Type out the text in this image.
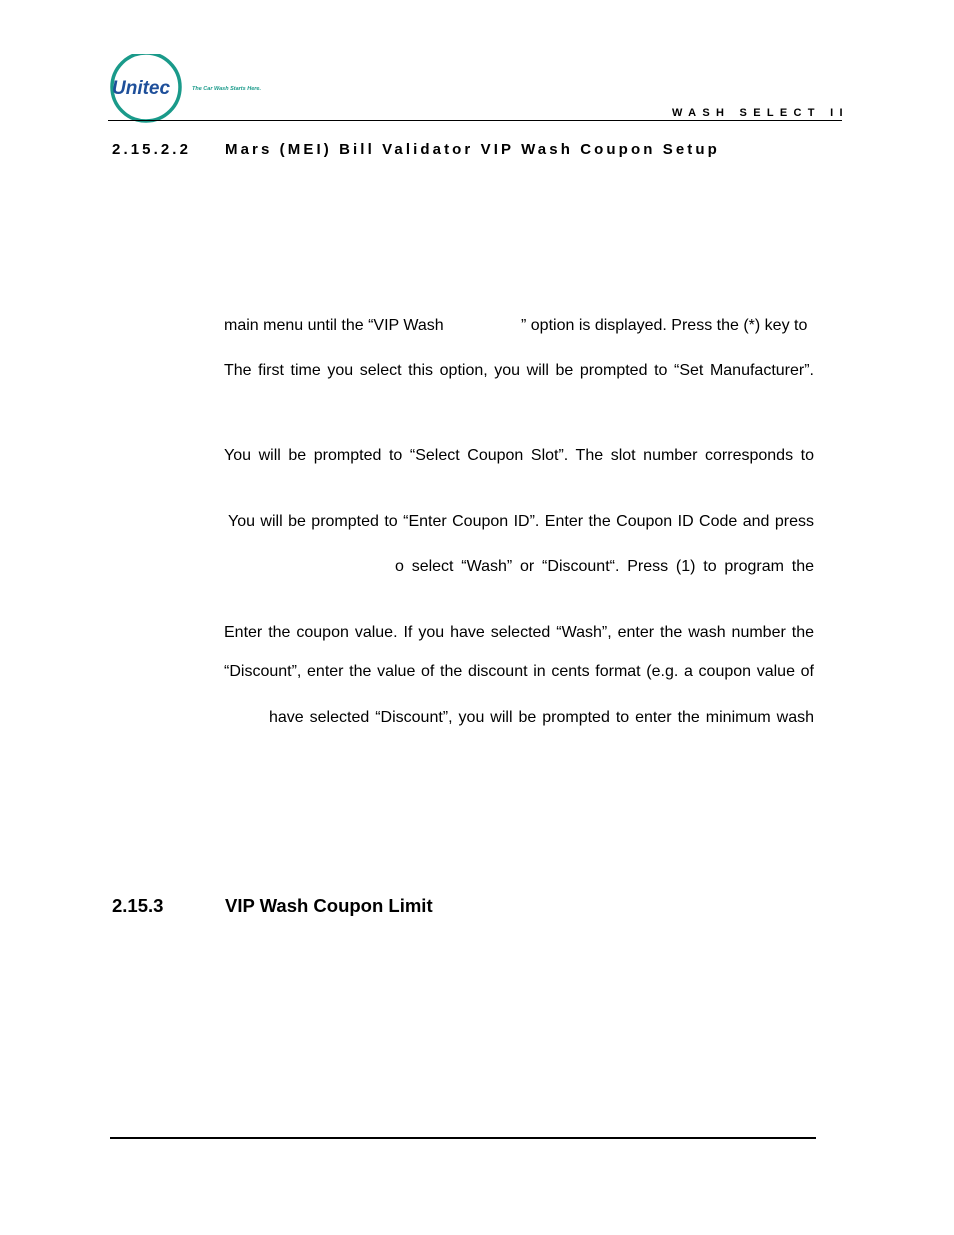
Unitec	The Car Wash Starts Here.
WASH SELECT II
2.15.2.2 Mars (MEI) Bill Validator VIP Wash Coupon Setup
main menu until the “VIP Wash	” option is displayed. Press the (*) key to
The first time you select this option, you will be prompted to “Set Manufacturer”.
You will be prompted to “Select Coupon Slot”. The slot number corresponds to
You will be prompted to “Enter Coupon ID”. Enter the Coupon ID Code and press
o select “Wash” or “Discount“. Press (1) to program the
Enter the coupon value. If you have selected “Wash”, enter the wash number the
“Discount”, enter the value of the discount in cents format (e.g. a coupon value of
have selected “Discount”, you will be prompted to enter the minimum wash
2.15.3	VIP Wash Coupon Limit
